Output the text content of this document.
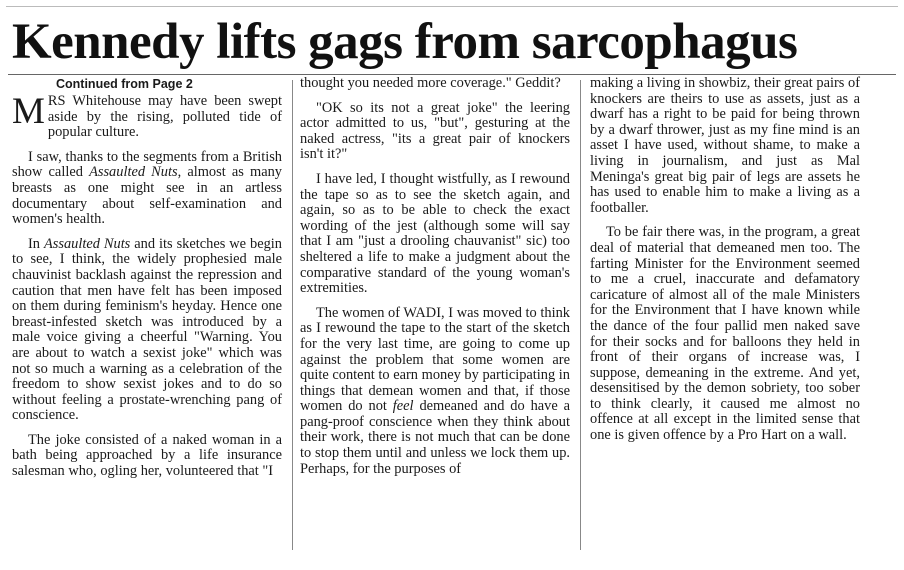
Kennedy lifts gags from sarcophagus
Continued from Page 2

MRS Whitehouse may have been swept aside by the rising, polluted tide of popular culture.

I saw, thanks to the segments from a British show called Assaulted Nuts, almost as many breasts as one might see in an artless documentary about self-examination and women's health.

In Assaulted Nuts and its sketches we begin to see, I think, the widely prophesied male chauvinist backlash against the repression and caution that men have felt has been imposed on them during feminism's heyday. Hence one breast-infested sketch was introduced by a male voice giving a cheerful "Warning. You are about to watch a sexist joke" which was not so much a warning as a celebration of the freedom to show sexist jokes and to do so without feeling a prostate-wrenching pang of conscience.

The joke consisted of a naked woman in a bath being approached by a life insurance salesman who, ogling her, volunteered that "I

thought you needed more coverage." Geddit?

"OK so its not a great joke" the leering actor admitted to us, "but", gesturing at the naked actress, "its a great pair of knockers isn't it?"

I have led, I thought wistfully, as I rewound the tape so as to see the sketch again, and again, so as to be able to check the exact wording of the jest (although some will say that I am "just a drooling chauvanist" sic) too sheltered a life to make a judgment about the comparative standard of the young woman's extremities.

The women of WADI, I was moved to think as I rewound the tape to the start of the sketch for the very last time, are going to come up against the problem that some women are quite content to earn money by participating in things that demean women and that, if those women do not feel demeaned and do have a pang-proof conscience when they think about their work, there is not much that can be done to stop them until and unless we lock them up. Perhaps, for the purposes of

making a living in showbiz, their great pairs of knockers are theirs to use as assets, just as a dwarf has a right to be paid for being thrown by a dwarf thrower, just as my fine mind is an asset I have used, without shame, to make a living in journalism, and just as Mal Meninga's great big pair of legs are assets he has used to enable him to make a living as a footballer.

To be fair there was, in the program, a great deal of material that demeaned men too. The farting Minister for the Environment seemed to me a cruel, inaccurate and defamatory caricature of almost all of the male Ministers for the Environment that I have known while the dance of the four pallid men naked save for their socks and for balloons they held in front of their organs of increase was, I suppose, demeaning in the extreme. And yet, desensitised by the demon sobriety, too sober to think clearly, it caused me almost no offence at all except in the limited sense that one is given offence by a Pro Hart on a wall.
